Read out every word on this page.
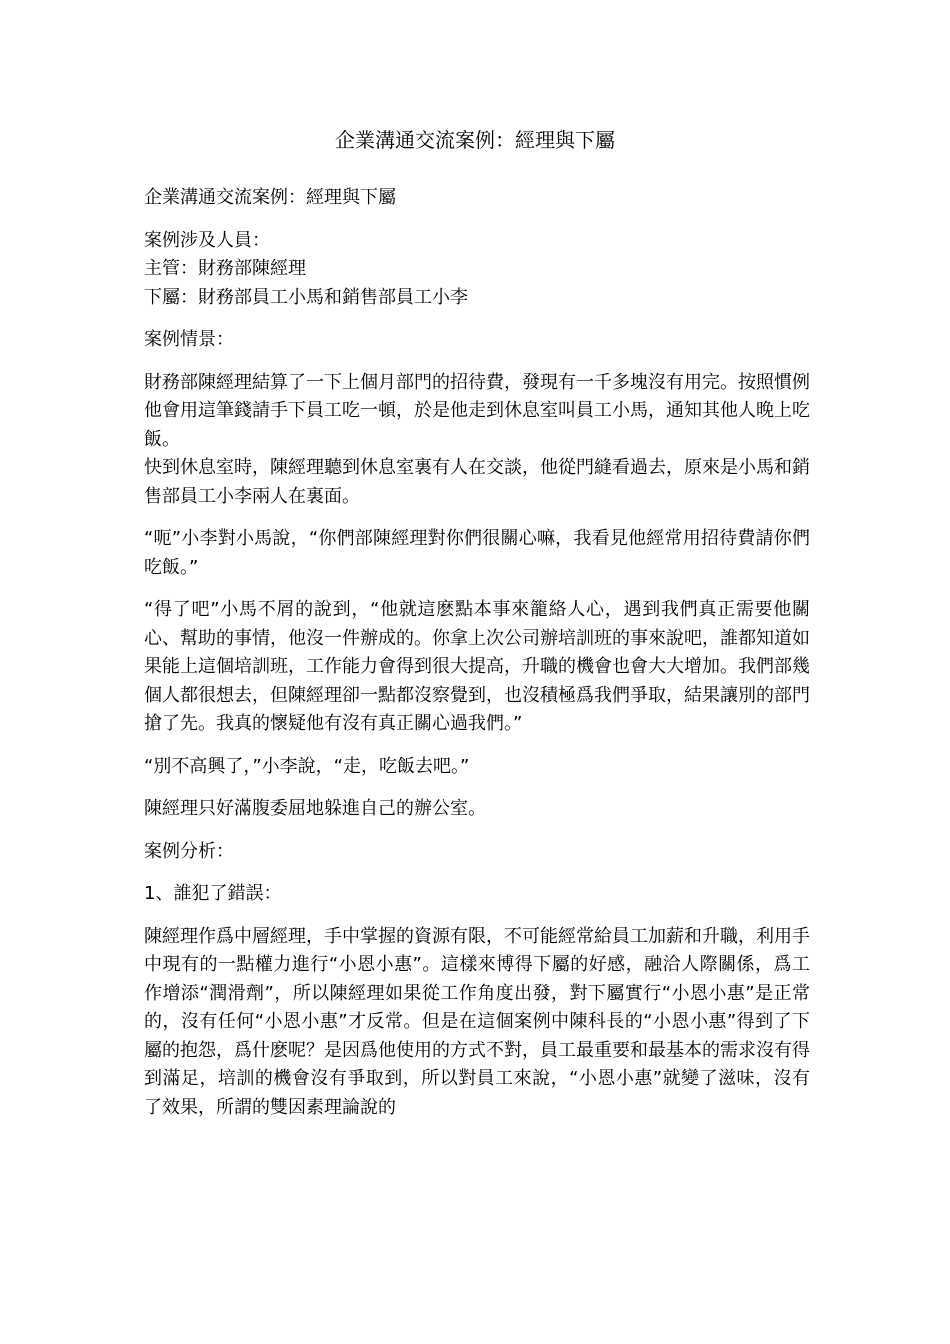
企業溝通交流案例：經理與下屬

企業溝通交流案例：經理與下屬

案例涉及人員：

主管：財務部陳經理

下屬：財務部員工小馬和銷售部員工小李

案例情景：

財務部陳經理結算了一下上個月部門的招待費，發現有一千多塊沒有用完。按照慣例他會用這筆錢請手下員工吃一頓，於是他走到休息室叫員工小馬，通知其他人晚上吃飯。

快到休息室時，陳經理聽到休息室裏有人在交談，他從門縫看過去，原來是小馬和銷售部員工小李兩人在裏面。

“呃”小李對小馬說，“你們部陳經理對你們很關心嘛，我看見他經常用招待費請你們吃飯。”

“得了吧”小馬不屑的說到，“他就這麽點本事來籠絡人心，遇到我們真正需要他關心、幫助的事情，他沒一件辦成的。你拿上次公司辦培訓班的事來說吧，誰都知道如果能上這個培訓班，工作能力會得到很大提高，升職的機會也會大大增加。我們部幾個人都很想去，但陳經理卻一點都沒察覺到，也沒積極爲我們爭取，結果讓別的部門搶了先。我真的懷疑他有沒有真正關心過我們。”

“別不高興了，”小李說，“走，吃飯去吧。”

陳經理只好滿腹委屈地躲進自己的辦公室。

案例分析：

1、誰犯了錯誤：

陳經理作爲中層經理，手中掌握的資源有限，不可能經常給員工加薪和升職，利用手中現有的一點權力進行“小恩小惠”。這樣來博得下屬的好感，融洽人際關係，爲工作增添“潤滑劑”，所以陳經理如果從工作角度出發，對下屬實行“小恩小惠”是正常的，沒有任何“小恩小惠”才反常。但是在這個案例中陳科長的“小恩小惠”得到了下屬的抱怨，爲什麽呢？是因爲他使用的方式不對，員工最重要和最基本的需求沒有得到滿足，培訓的機會沒有爭取到，所以對員工來說，“小恩小惠”就變了滋味，沒有了效果，所謂的雙因素理論說的
